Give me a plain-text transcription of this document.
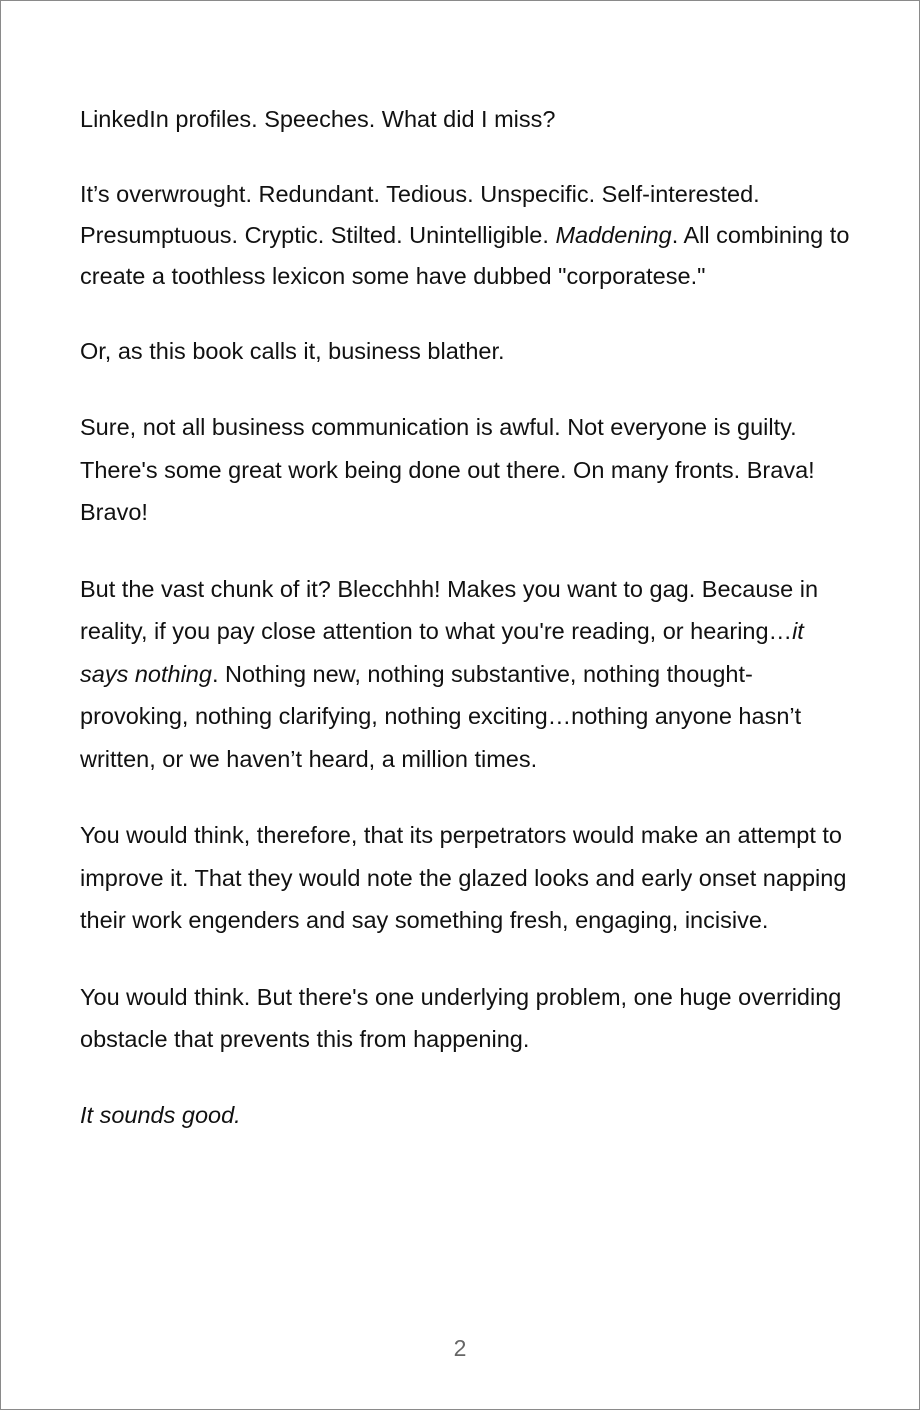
LinkedIn profiles. Speeches. What did I miss?

It’s overwrought. Redundant. Tedious. Unspecific. Self-interested. Presumptuous. Cryptic. Stilted. Unintelligible. Maddening. All combining to create a toothless lexicon some have dubbed "corporatese."

Or, as this book calls it, business blather.

Sure, not all business communication is awful. Not everyone is guilty. There's some great work being done out there. On many fronts. Brava! Bravo!

But the vast chunk of it? Blecchhh! Makes you want to gag. Because in reality, if you pay close attention to what you're reading, or hearing…it says nothing. Nothing new, nothing substantive, nothing thought-provoking, nothing clarifying, nothing exciting…nothing anyone hasn’t written, or we haven’t heard, a million times.

You would think, therefore, that its perpetrators would make an attempt to improve it. That they would note the glazed looks and early onset napping their work engenders and say something fresh, engaging, incisive.

You would think. But there's one underlying problem, one huge overriding obstacle that prevents this from happening.

It sounds good.

2
